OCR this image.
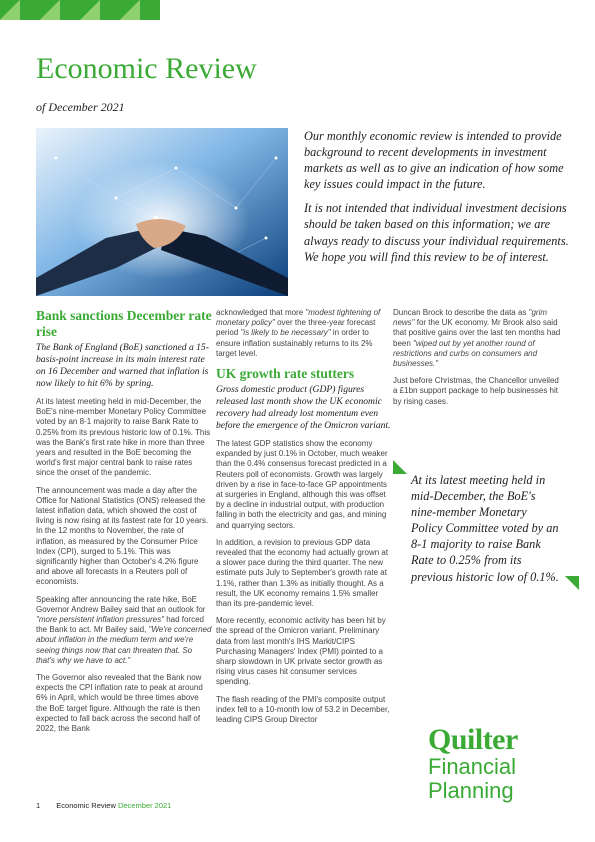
Economic Review
of December 2021

Our monthly economic review is intended to provide background to recent developments in investment markets as well as to give an indication of how some key issues could impact in the future.

It is not intended that individual investment decisions should be taken based on this information; we are always ready to discuss your individual requirements. We hope you will find this review to be of interest.

Bank sanctions December rate rise

The Bank of England (BoE) sanctioned a 15-basis-point increase in its main interest rate on 16 December and warned that inflation is now likely to hit 6% by spring.

At its latest meeting held in mid-December, the BoE's nine-member Monetary Policy Committee voted by an 8-1 majority to raise Bank Rate to 0.25% from its previous historic low of 0.1%. This was the Bank's first rate hike in more than three years and resulted in the BoE becoming the world's first major central bank to raise rates since the onset of the pandemic.

The announcement was made a day after the Office for National Statistics (ONS) released the latest inflation data, which showed the cost of living is now rising at its fastest rate for 10 years. In the 12 months to November, the rate of inflation, as measured by the Consumer Price Index (CPI), surged to 5.1%. This was significantly higher than October's 4.2% figure and above all forecasts in a Reuters poll of economists.

Speaking after announcing the rate hike, BoE Governor Andrew Bailey said that an outlook for "more persistent inflation pressures" had forced the Bank to act. Mr Bailey said, "We're concerned about inflation in the medium term and we're seeing things now that can threaten that. So that's why we have to act."

The Governor also revealed that the Bank now expects the CPI inflation rate to peak at around 6% in April, which would be three times above the BoE target figure. Although the rate is then expected to fall back across the second half of 2022, the Bank

acknowledged that more "modest tightening of monetary policy" over the three-year forecast period "is likely to be necessary" in order to ensure inflation sustainably returns to its 2% target level.

UK growth rate stutters

Gross domestic product (GDP) figures released last month show the UK economic recovery had already lost momentum even before the emergence of the Omicron variant.

The latest GDP statistics show the economy expanded by just 0.1% in October, much weaker than the 0.4% consensus forecast predicted in a Reuters poll of economists. Growth was largely driven by a rise in face-to-face GP appointments at surgeries in England, although this was offset by a decline in industrial output, with production falling in both the electricity and gas, and mining and quarrying sectors.

In addition, a revision to previous GDP data revealed that the economy had actually grown at a slower pace during the third quarter. The new estimate puts July to September's growth rate at 1.1%, rather than 1.3% as initially thought. As a result, the UK economy remains 1.5% smaller than its pre-pandemic level.

More recently, economic activity has been hit by the spread of the Omicron variant. Preliminary data from last month's IHS Markit/CIPS Purchasing Managers' Index (PMI) pointed to a sharp slowdown in UK private sector growth as rising virus cases hit consumer services spending.

The flash reading of the PMI's composite output index fell to a 10-month low of 53.2 in December, leading CIPS Group Director

Duncan Brock to describe the data as "grim news" for the UK economy. Mr Brook also said that positive gains over the last ten months had been "wiped out by yet another round of restrictions and curbs on consumers and businesses."

Just before Christmas, the Chancellor unveiled a £1bn support package to help businesses hit by rising cases.

At its latest meeting held in mid-December, the BoE's nine-member Monetary Policy Committee voted by an 8-1 majority to raise Bank Rate to 0.25% from its previous historic low of 0.1%.
Quilter
Financial
Planning
1 Economic Review December 2021
